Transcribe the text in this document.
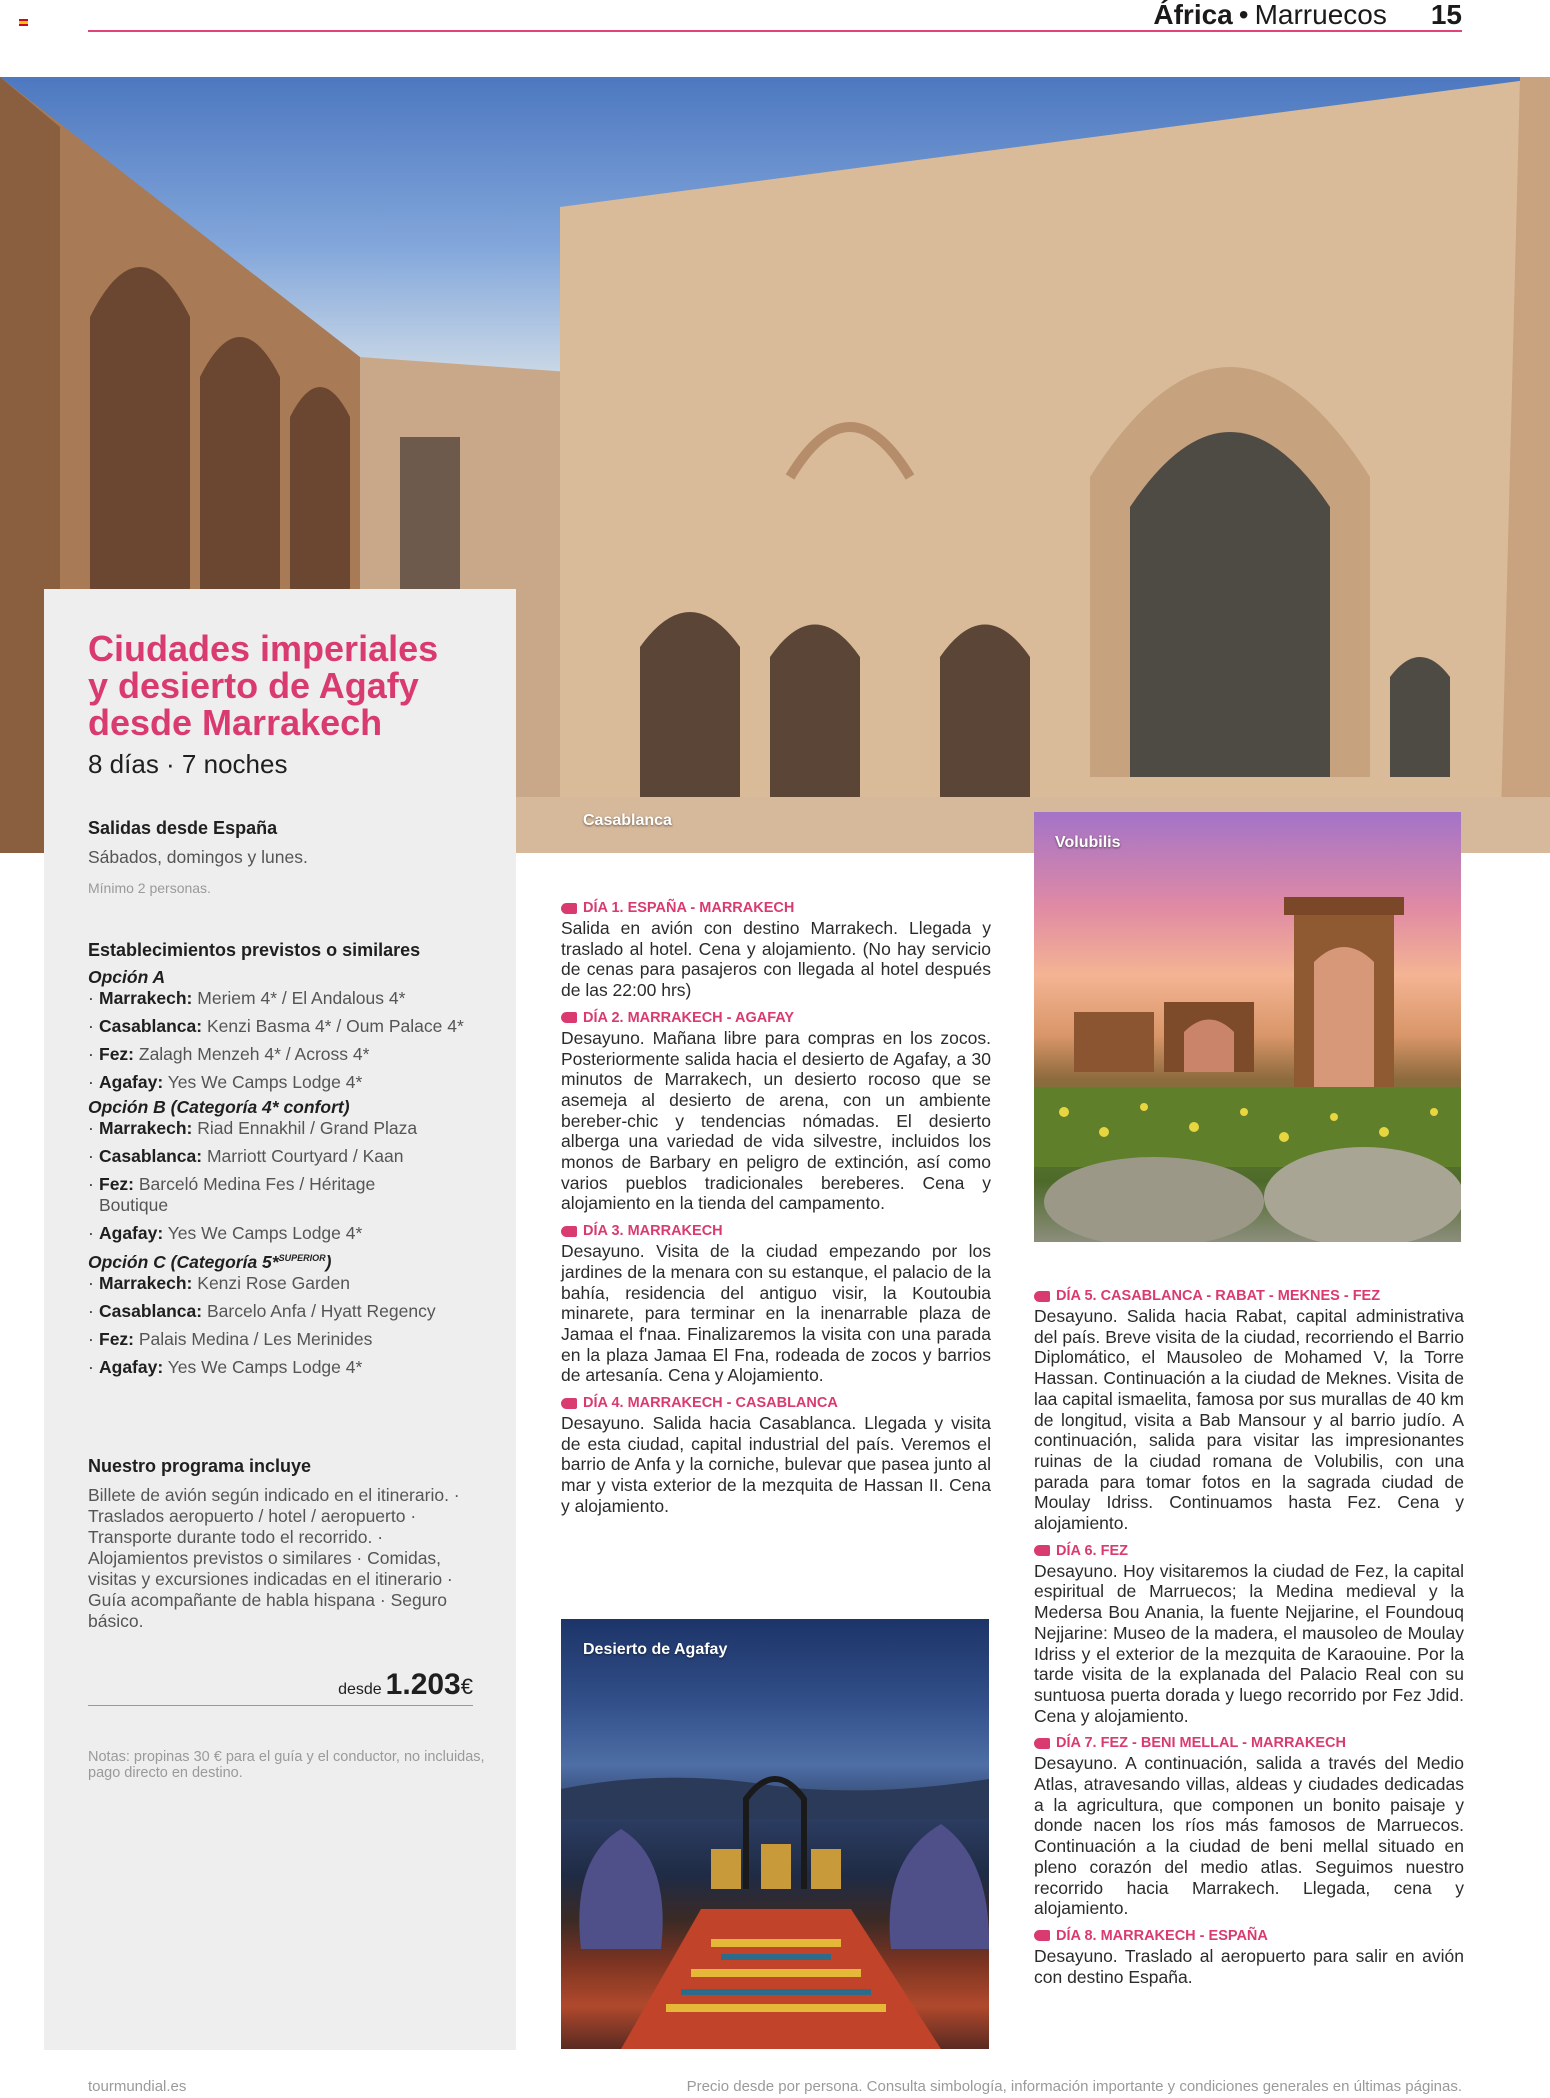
África • Marruecos 15
Casablanca
Ciudades imperiales
y desierto de Agafy
desde Marrakech
8 días · 7 noches
Salidas desde España
Sábados, domingos y lunes.
Mínimo 2 personas.
Establecimientos previstos o similares
Opción A
· Marrakech: Meriem 4* / El Andalous 4*
· Casablanca: Kenzi Basma 4* / Oum Palace 4*
· Fez: Zalagh Menzeh 4* / Across 4*
· Agafay: Yes We Camps Lodge 4*
Opción B (Categoría 4* confort)
· Marrakech: Riad Ennakhil / Grand Plaza
· Casablanca: Marriott Courtyard / Kaan
· Fez: Barceló Medina Fes / Héritage Boutique
· Agafay: Yes We Camps Lodge 4*
Opción C (Categoría 5*$^{SUPERIOR}$)
· Marrakech: Kenzi Rose Garden
· Casablanca: Barcelo Anfa / Hyatt Regency
· Fez: Palais Medina / Les Merinides
· Agafay: Yes We Camps Lodge 4*
Nuestro programa incluye
Billete de avión según indicado en el itinerario. · Traslados aeropuerto / hotel / aeropuerto · Transporte durante todo el recorrido. · Alojamientos previstos o similares · Comidas, visitas y excursiones indicadas en el itinerario · Guía acompañante de habla hispana · Seguro básico.
desde 1.203€
Notas: propinas 30 € para el guía y el conductor, no incluidas, pago directo en destino.
DÍA 1. ESPAÑA - MARRAKECH
Salida en avión con destino Marrakech. Llegada y traslado al hotel. Cena y alojamiento. (No hay servicio de cenas para pasajeros con llegada al hotel después de las 22:00 hrs)
DÍA 2. MARRAKECH - AGAFAY
Desayuno. Mañana libre para compras en los zocos. Posteriormente salida hacia el desierto de Agafay, a 30 minutos de Marrakech, un desierto rocoso que se asemeja al desierto de arena, con un ambiente bereber-chic y tendencias nómadas. El desierto alberga una variedad de vida silvestre, incluidos los monos de Barbary en peligro de extinción, así como varios pueblos tradicionales bereberes. Cena y alojamiento en la tienda del campamento.
DÍA 3. MARRAKECH
Desayuno. Visita de la ciudad empezando por los jardines de la menara con su estanque, el palacio de la bahía, residencia del antiguo visir, la Koutoubia minarete, para terminar en la inenarrable plaza de Jamaa el f'naa. Finalizaremos la visita con una parada en la plaza Jamaa El Fna, rodeada de zocos y barrios de artesanía. Cena y Alojamiento.
DÍA 4. MARRAKECH - CASABLANCA
Desayuno. Salida hacia Casablanca. Llegada y visita de esta ciudad, capital industrial del país. Veremos el barrio de Anfa y la corniche, bulevar que pasea junto al mar y vista exterior de la mezquita de Hassan II. Cena y alojamiento.
Volubilis
DÍA 5. CASABLANCA - RABAT - MEKNES - FEZ
Desayuno. Salida hacia Rabat, capital administrativa del país. Breve visita de la ciudad, recorriendo el Barrio Diplomático, el Mausoleo de Mohamed V, la Torre Hassan. Continuación a la ciudad de Meknes. Visita de laa capital ismaelita, famosa por sus murallas de 40 km de longitud, visita a Bab Mansour y al barrio judío. A continuación, salida para visitar las impresionantes ruinas de la ciudad romana de Volubilis, con una parada para tomar fotos en la sagrada ciudad de Moulay Idriss. Continuamos hasta Fez. Cena y alojamiento.
DÍA 6. FEZ
Desayuno. Hoy visitaremos la ciudad de Fez, la capital espiritual de Marruecos; la Medina medieval y la Medersa Bou Anania, la fuente Nejjarine, el Foundouq Nejjarine: Museo de la madera, el mausoleo de Moulay Idriss y el exterior de la mezquita de Karaouine. Por la tarde visita de la explanada del Palacio Real con su suntuosa puerta dorada y luego recorrido por Fez Jdid. Cena y alojamiento.
DÍA 7. FEZ - BENI MELLAL - MARRAKECH
Desayuno. A continuación, salida a través del Medio Atlas, atravesando villas, aldeas y ciudades dedicadas a la agricultura, que componen un bonito paisaje y donde nacen los ríos más famosos de Marruecos. Continuación a la ciudad de beni mellal situado en pleno corazón del medio atlas. Seguimos nuestro recorrido hacia Marrakech. Llegada, cena y alojamiento.
DÍA 8. MARRAKECH - ESPAÑA
Desayuno. Traslado al aeropuerto para salir en avión con destino España.
Desierto de Agafay
tourmundial.es	Precio desde por persona. Consulta simbología, información importante y condiciones generales en últimas páginas.
